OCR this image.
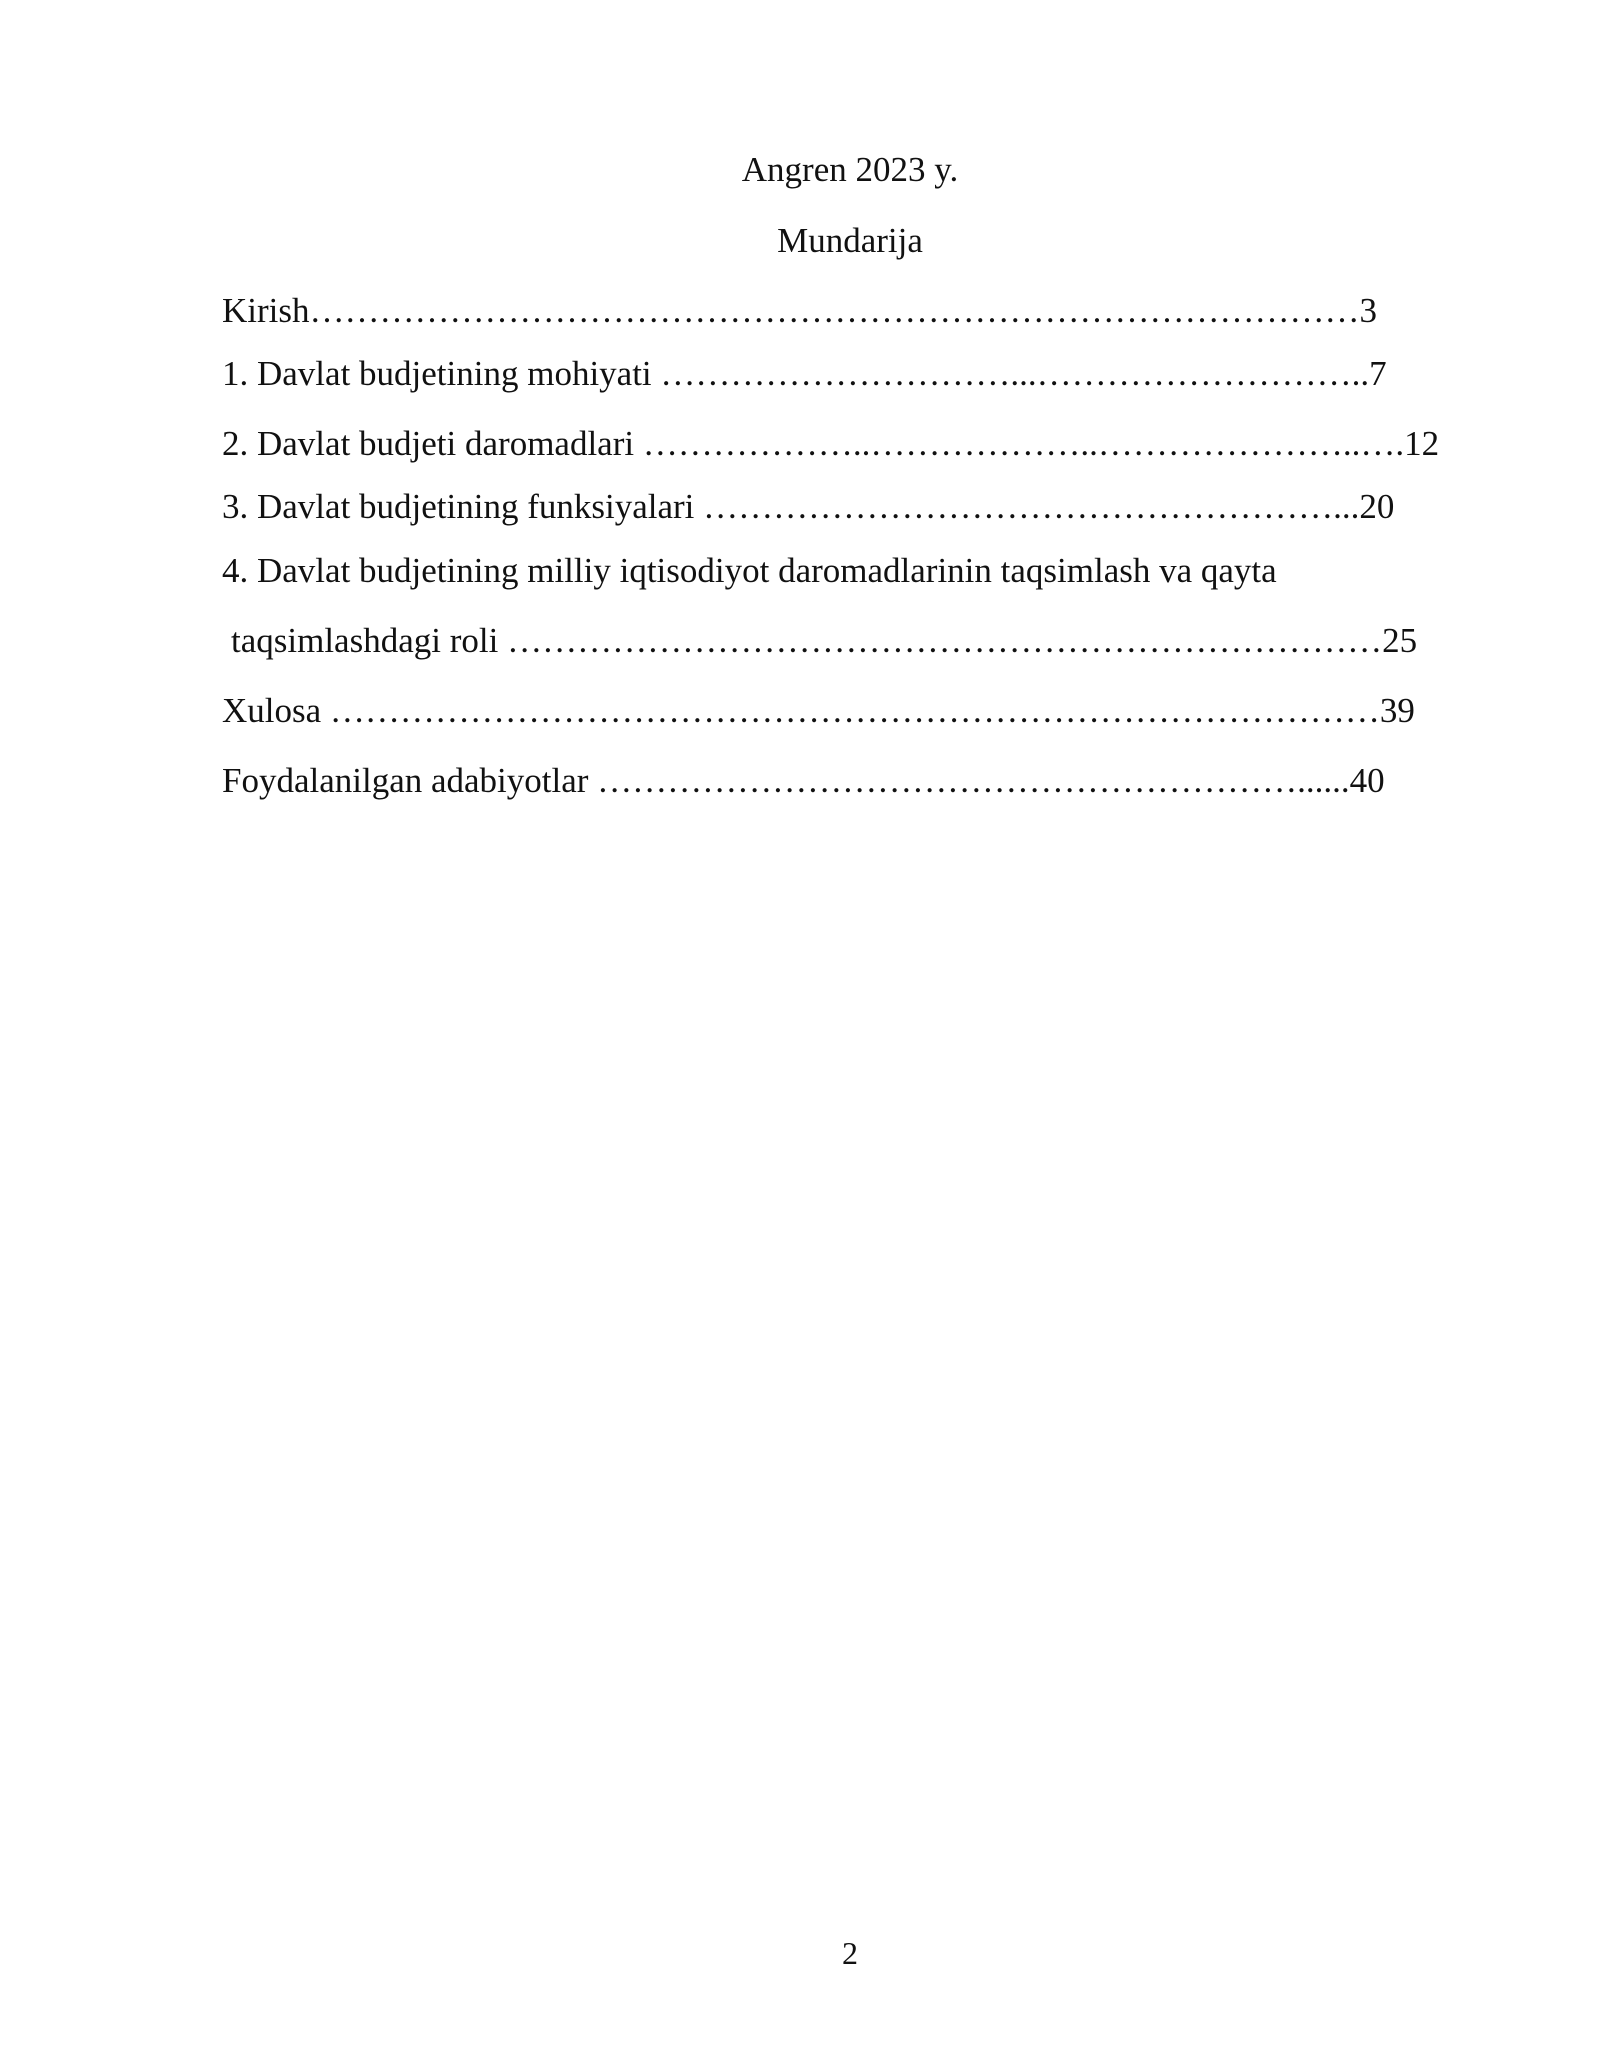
Angren 2023 y.
Mundarija
Kirish………………………………………………………………………………3
1. Davlat budjetining mohiyati …………………………...………………………..7
2. Davlat budjeti daromadlari ………………..………………..…………………..….12
3. Davlat budjetining funksiyalari ………………………………………………...20
4. Davlat budjetining milliy iqtisodiyot daromadlarinin taqsimlash va qayta
taqsimlashdagi roli …………………………………………………………………25
Xulosa ………………………………………………………………………………39
Foydalanilgan adabiyotlar ……………………………………………………......40
2
